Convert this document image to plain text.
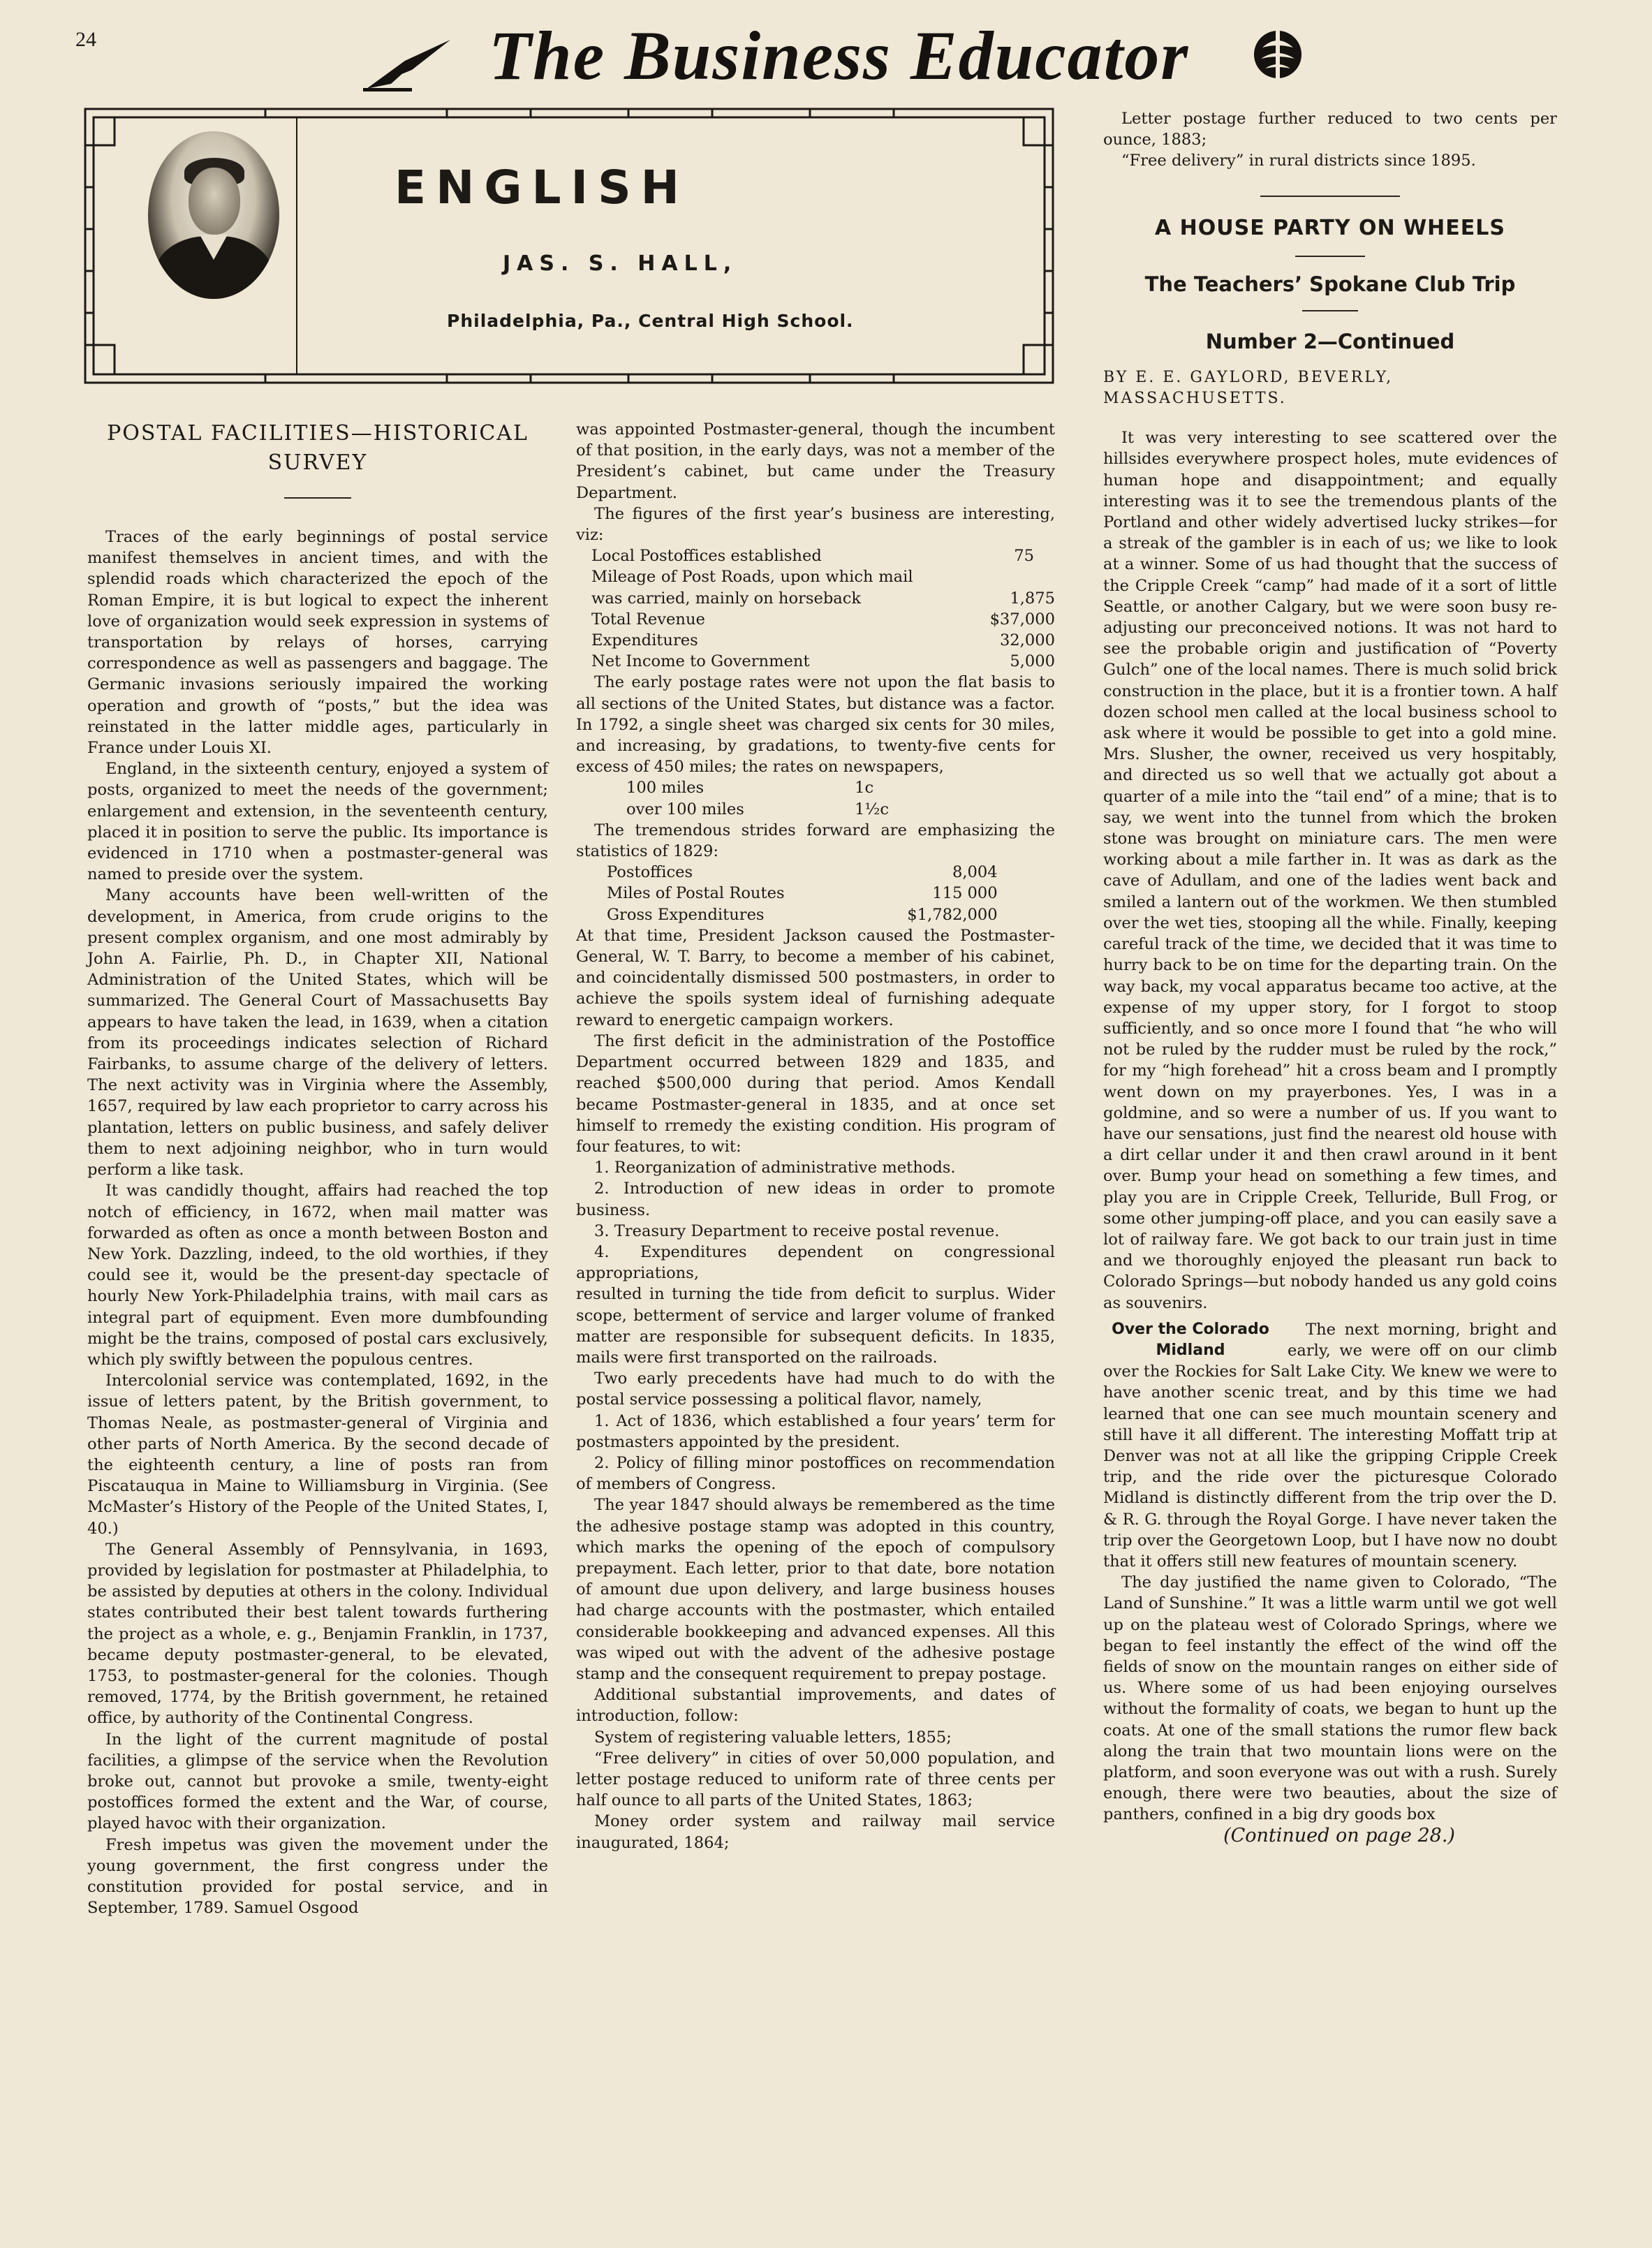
24	The Business Educator
ENGLISH
JAS. S. HALL,
Philadelphia, Pa., Central High School.
POSTAL FACILITIES—HISTORICAL SURVEY

Traces of the early beginnings of postal service manifest themselves in ancient times, and with the splendid roads which characterized the epoch of the Roman Empire, it is but logical to expect the inherent love of organization would seek expression in systems of transportation by relays of horses, carrying correspondence as well as passengers and baggage. The Germanic invasions seriously impaired the working operation and growth of “posts,” but the idea was reinstated in the latter middle ages, particularly in France under Louis XI.

England, in the sixteenth century, enjoyed a system of posts, organized to meet the needs of the government; enlargement and extension, in the seventeenth century, placed it in position to serve the public. Its importance is evidenced in 1710 when a postmaster-general was named to preside over the system.

Many accounts have been well-written of the development, in America, from crude origins to the present complex organism, and one most admirably by John A. Fairlie, Ph. D., in Chapter XII, National Administration of the United States, which will be summarized. The General Court of Massachusetts Bay appears to have taken the lead, in 1639, when a citation from its proceedings indicates selection of Richard Fairbanks, to assume charge of the delivery of letters. The next activity was in Virginia where the Assembly, 1657, required by law each proprietor to carry across his plantation, letters on public business, and safely deliver them to next adjoining neighbor, who in turn would perform a like task.

It was candidly thought, affairs had reached the top notch of efficiency, in 1672, when mail matter was forwarded as often as once a month between Boston and New York. Dazzling, indeed, to the old worthies, if they could see it, would be the present-day spectacle of hourly New York-Philadelphia trains, with mail cars as integral part of equipment. Even more dumbfounding might be the trains, composed of postal cars exclusively, which ply swiftly between the populous centres.

Intercolonial service was contemplated, 1692, in the issue of letters patent, by the British government, to Thomas Neale, as postmaster-general of Virginia and other parts of North America. By the second decade of the eighteenth century, a line of posts ran from Piscatauqua in Maine to Williamsburg in Virginia. (See McMaster’s History of the People of the United States, I, 40.)

The General Assembly of Pennsylvania, in 1693, provided by legislation for postmaster at Philadelphia, to be assisted by deputies at others in the colony. Individual states contributed their best talent towards furthering the project as a whole, e. g., Benjamin Franklin, in 1737, became deputy postmaster-general, to be elevated, 1753, to postmaster-general for the colonies. Though removed, 1774, by the British government, he retained office, by authority of the Continental Congress.

In the light of the current magnitude of postal facilities, a glimpse of the service when the Revolution broke out, cannot but provoke a smile, twenty-eight postoffices formed the extent and the War, of course, played havoc with their organization.

Fresh impetus was given the movement under the young government, the first congress under the constitution provided for postal service, and in September, 1789. Samuel Osgood

was appointed Postmaster-general, though the incumbent of that position, in the early days, was not a member of the President’s cabinet, but came under the Treasury Department.

The figures of the first year’s business are interesting, viz:

Local Postoffices established	75
Mileage of Post Roads, upon which mail was carried, mainly on horseback	1,875
Total Revenue	$37,000
Expenditures	32,000
Net Income to Government	5,000

The early postage rates were not upon the flat basis to all sections of the United States, but distance was a factor. In 1792, a single sheet was charged six cents for 30 miles, and increasing, by gradations, to twenty-five cents for excess of 450 miles; the rates on newspapers,

100 miles	1c
over 100 miles	1½c

The tremendous strides forward are emphasizing the statistics of 1829:

Postoffices	8,004
Miles of Postal Routes	115 000
Gross Expenditures	$1,782,000

At that time, President Jackson caused the Postmaster-General, W. T. Barry, to become a member of his cabinet, and coincidentally dismissed 500 postmasters, in order to achieve the spoils system ideal of furnishing adequate reward to energetic campaign workers.

The first deficit in the administration of the Postoffice Department occurred between 1829 and 1835, and reached $500,000 during that period. Amos Kendall became Postmaster-general in 1835, and at once set himself to rremedy the existing condition. His program of four features, to wit:

1. Reorganization of administrative methods.

2. Introduction of new ideas in order to promote business.

3. Treasury Department to receive postal revenue.

4. Expenditures dependent on congressional appropriations,

resulted in turning the tide from deficit to surplus. Wider scope, betterment of service and larger volume of franked matter are responsible for subsequent deficits. In 1835, mails were first transported on the railroads.

Two early precedents have had much to do with the postal service possessing a political flavor, namely,

1. Act of 1836, which established a four years’ term for postmasters appointed by the president.

2. Policy of filling minor postoffices on recommendation of members of Congress.

The year 1847 should always be remembered as the time the adhesive postage stamp was adopted in this country, which marks the opening of the epoch of compulsory prepayment. Each letter, prior to that date, bore notation of amount due upon delivery, and large business houses had charge accounts with the postmaster, which entailed considerable bookkeeping and advanced expenses. All this was wiped out with the advent of the adhesive postage stamp and the consequent requirement to prepay postage.

Additional substantial improvements, and dates of introduction, follow:

System of registering valuable letters, 1855;

“Free delivery” in cities of over 50,000 population, and letter postage reduced to uniform rate of three cents per half ounce to all parts of the United States, 1863;

Money order system and railway mail service inaugurated, 1864;

Letter postage further reduced to two cents per ounce, 1883;

“Free delivery” in rural districts since 1895.

A HOUSE PARTY ON WHEELS
The Teachers’ Spokane Club Trip
Number 2—Continued
BY E. E. GAYLORD, BEVERLY, MASSACHUSETTS.

It was very interesting to see scattered over the hillsides everywhere prospect holes, mute evidences of human hope and disappointment; and equally interesting was it to see the tremendous plants of the Portland and other widely advertised lucky strikes—for a streak of the gambler is in each of us; we like to look at a winner. Some of us had thought that the success of the Cripple Creek “camp” had made of it a sort of little Seattle, or another Calgary, but we were soon busy re-adjusting our preconceived notions. It was not hard to see the probable origin and justification of “Poverty Gulch” one of the local names. There is much solid brick construction in the place, but it is a frontier town. A half dozen school men called at the local business school to ask where it would be possible to get into a gold mine. Mrs. Slusher, the owner, received us very hospitably, and directed us so well that we actually got about a quarter of a mile into the “tail end” of a mine; that is to say, we went into the tunnel from which the broken stone was brought on miniature cars. The men were working about a mile farther in. It was as dark as the cave of Adullam, and one of the ladies went back and smiled a lantern out of the workmen. We then stumbled over the wet ties, stooping all the while. Finally, keeping careful track of the time, we decided that it was time to hurry back to be on time for the departing train. On the way back, my vocal apparatus became too active, at the expense of my upper story, for I forgot to stoop sufficiently, and so once more I found that “he who will not be ruled by the rudder must be ruled by the rock,” for my “high forehead” hit a cross beam and I promptly went down on my prayerbones. Yes, I was in a goldmine, and so were a number of us. If you want to have our sensations, just find the nearest old house with a dirt cellar under it and then crawl around in it bent over. Bump your head on something a few times, and play you are in Cripple Creek, Telluride, Bull Frog, or some other jumping-off place, and you can easily save a lot of railway fare. We got back to our train just in time and we thoroughly enjoyed the pleasant run back to Colorado Springs—but nobody handed us any gold coins as souvenirs.

Over the Colorado Midland
The next morning, bright and early, we were off on our climb over the Rockies for Salt Lake City. We knew we were to have another scenic treat, and by this time we had learned that one can see much mountain scenery and still have it all different. The interesting Moffatt trip at Denver was not at all like the gripping Cripple Creek trip, and the ride over the picturesque Colorado Midland is distinctly different from the trip over the D. & R. G. through the Royal Gorge. I have never taken the trip over the Georgetown Loop, but I have now no doubt that it offers still new features of mountain scenery.

The day justified the name given to Colorado, “The Land of Sunshine.” It was a little warm until we got well up on the plateau west of Colorado Springs, where we began to feel instantly the effect of the wind off the fields of snow on the mountain ranges on either side of us. Where some of us had been enjoying ourselves without the formality of coats, we began to hunt up the coats. At one of the small stations the rumor flew back along the train that two mountain lions were on the platform, and soon everyone was out with a rush. Surely enough, there were two beauties, about the size of panthers, confined in a big dry goods box

(Continued on page 28.)
